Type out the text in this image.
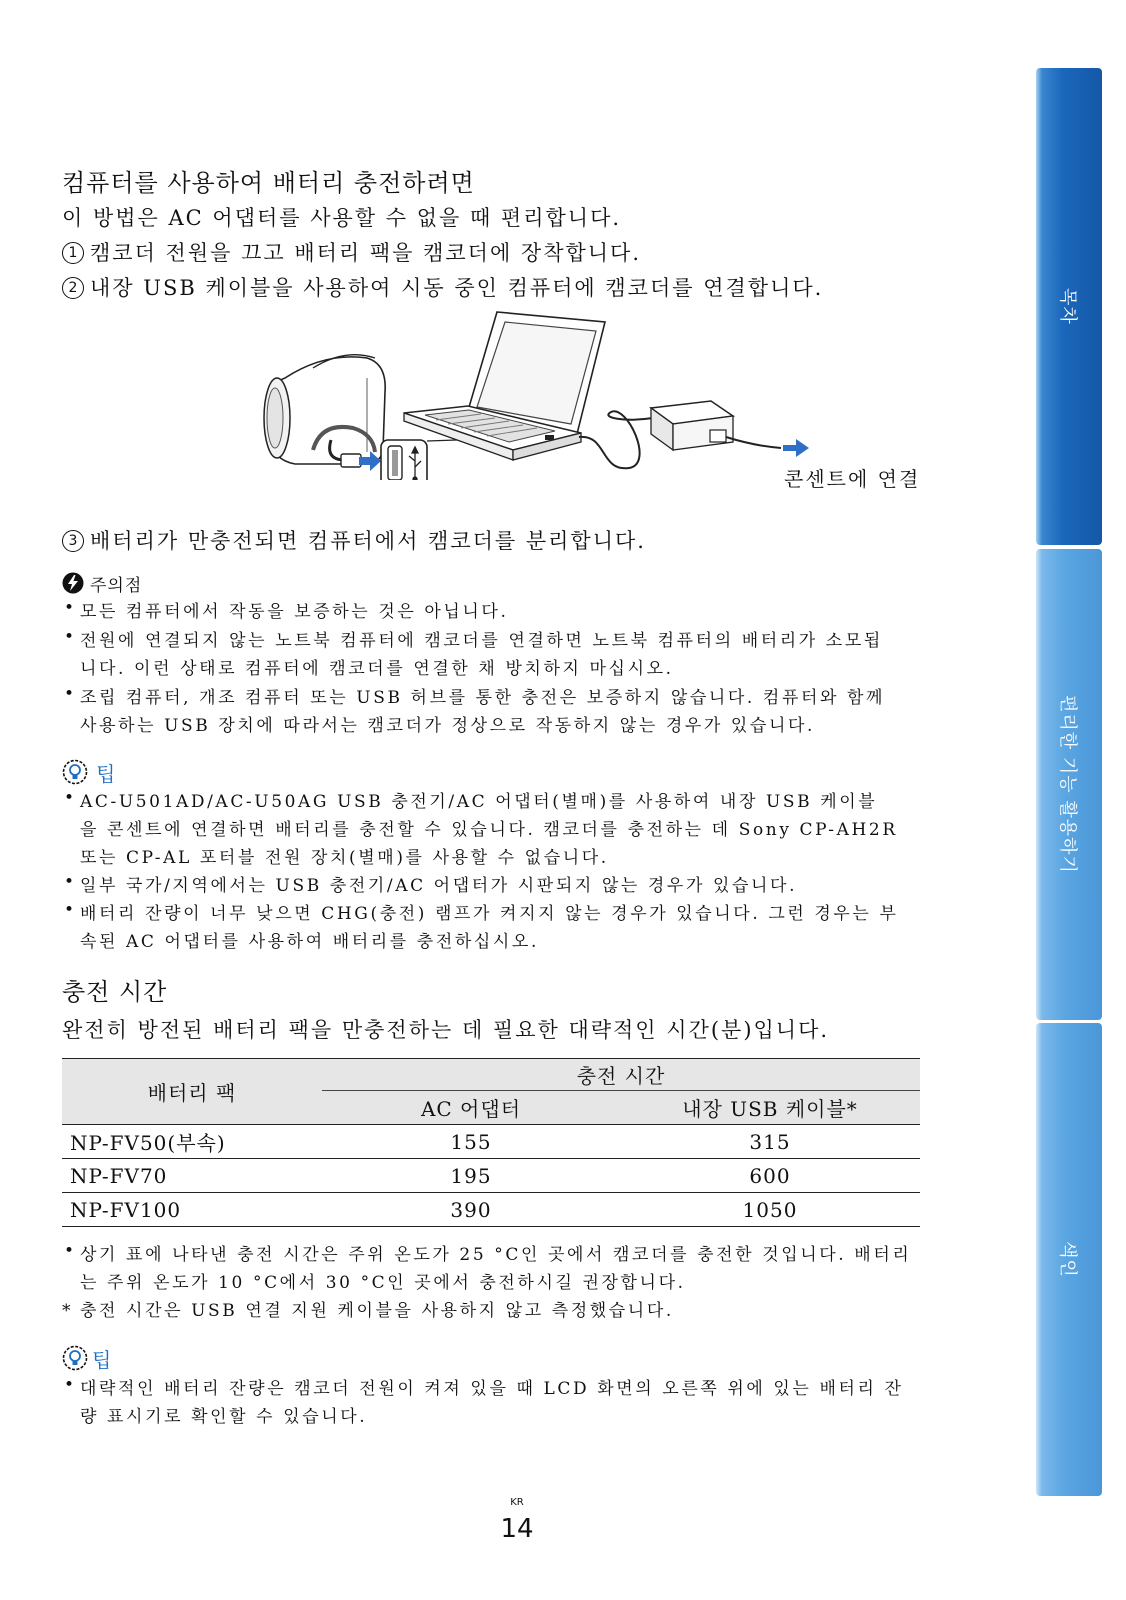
목차
편리한 기능 활용하기
색인
컴퓨터를 사용하여 배터리 충전하려면
이 방법은 AC 어댑터를 사용할 수 없을 때 편리합니다.
1 캠코더 전원을 끄고 배터리 팩을 캠코더에 장착합니다.
2 내장 USB 케이블을 사용하여 시동 중인 컴퓨터에 캠코더를 연결합니다.
콘센트에 연결
3 배터리가 만충전되면 컴퓨터에서 캠코더를 분리합니다.
주의점
• 모든 컴퓨터에서 작동을 보증하는 것은 아닙니다.
• 전원에 연결되지 않는 노트북 컴퓨터에 캠코더를 연결하면 노트북 컴퓨터의 배터리가 소모됩
니다. 이런 상태로 컴퓨터에 캠코더를 연결한 채 방치하지 마십시오.
• 조립 컴퓨터, 개조 컴퓨터 또는 USB 허브를 통한 충전은 보증하지 않습니다. 컴퓨터와 함께
사용하는 USB 장치에 따라서는 캠코더가 정상으로 작동하지 않는 경우가 있습니다.
팁
• AC-U501AD/AC-U50AG USB 충전기/AC 어댑터(별매)를 사용하여 내장 USB 케이블
을 콘센트에 연결하면 배터리를 충전할 수 있습니다. 캠코더를 충전하는 데 Sony CP-AH2R
또는 CP-AL 포터블 전원 장치(별매)를 사용할 수 없습니다.
• 일부 국가/지역에서는 USB 충전기/AC 어댑터가 시판되지 않는 경우가 있습니다.
• 배터리 잔량이 너무 낮으면 CHG(충전) 램프가 켜지지 않는 경우가 있습니다. 그런 경우는 부
속된 AC 어댑터를 사용하여 배터리를 충전하십시오.
충전 시간
완전히 방전된 배터리 팩을 만충전하는 데 필요한 대략적인 시간(분)입니다.
배터리 팩	충전 시간	
	AC 어댑터	내장 USB 케이블*
NP-FV50(부속)	155	315
NP-FV70	195	600
NP-FV100	390	1050
• 상기 표에 나타낸 충전 시간은 주위 온도가 25 °C인 곳에서 캠코더를 충전한 것입니다. 배터리
는 주위 온도가 10 °C에서 30 °C인 곳에서 충전하시길 권장합니다.
* 충전 시간은 USB 연결 지원 케이블을 사용하지 않고 측정했습니다.
팁
• 대략적인 배터리 잔량은 캠코더 전원이 켜져 있을 때 LCD 화면의 오른쪽 위에 있는 배터리 잔
량 표시기로 확인할 수 있습니다.
KR
14
